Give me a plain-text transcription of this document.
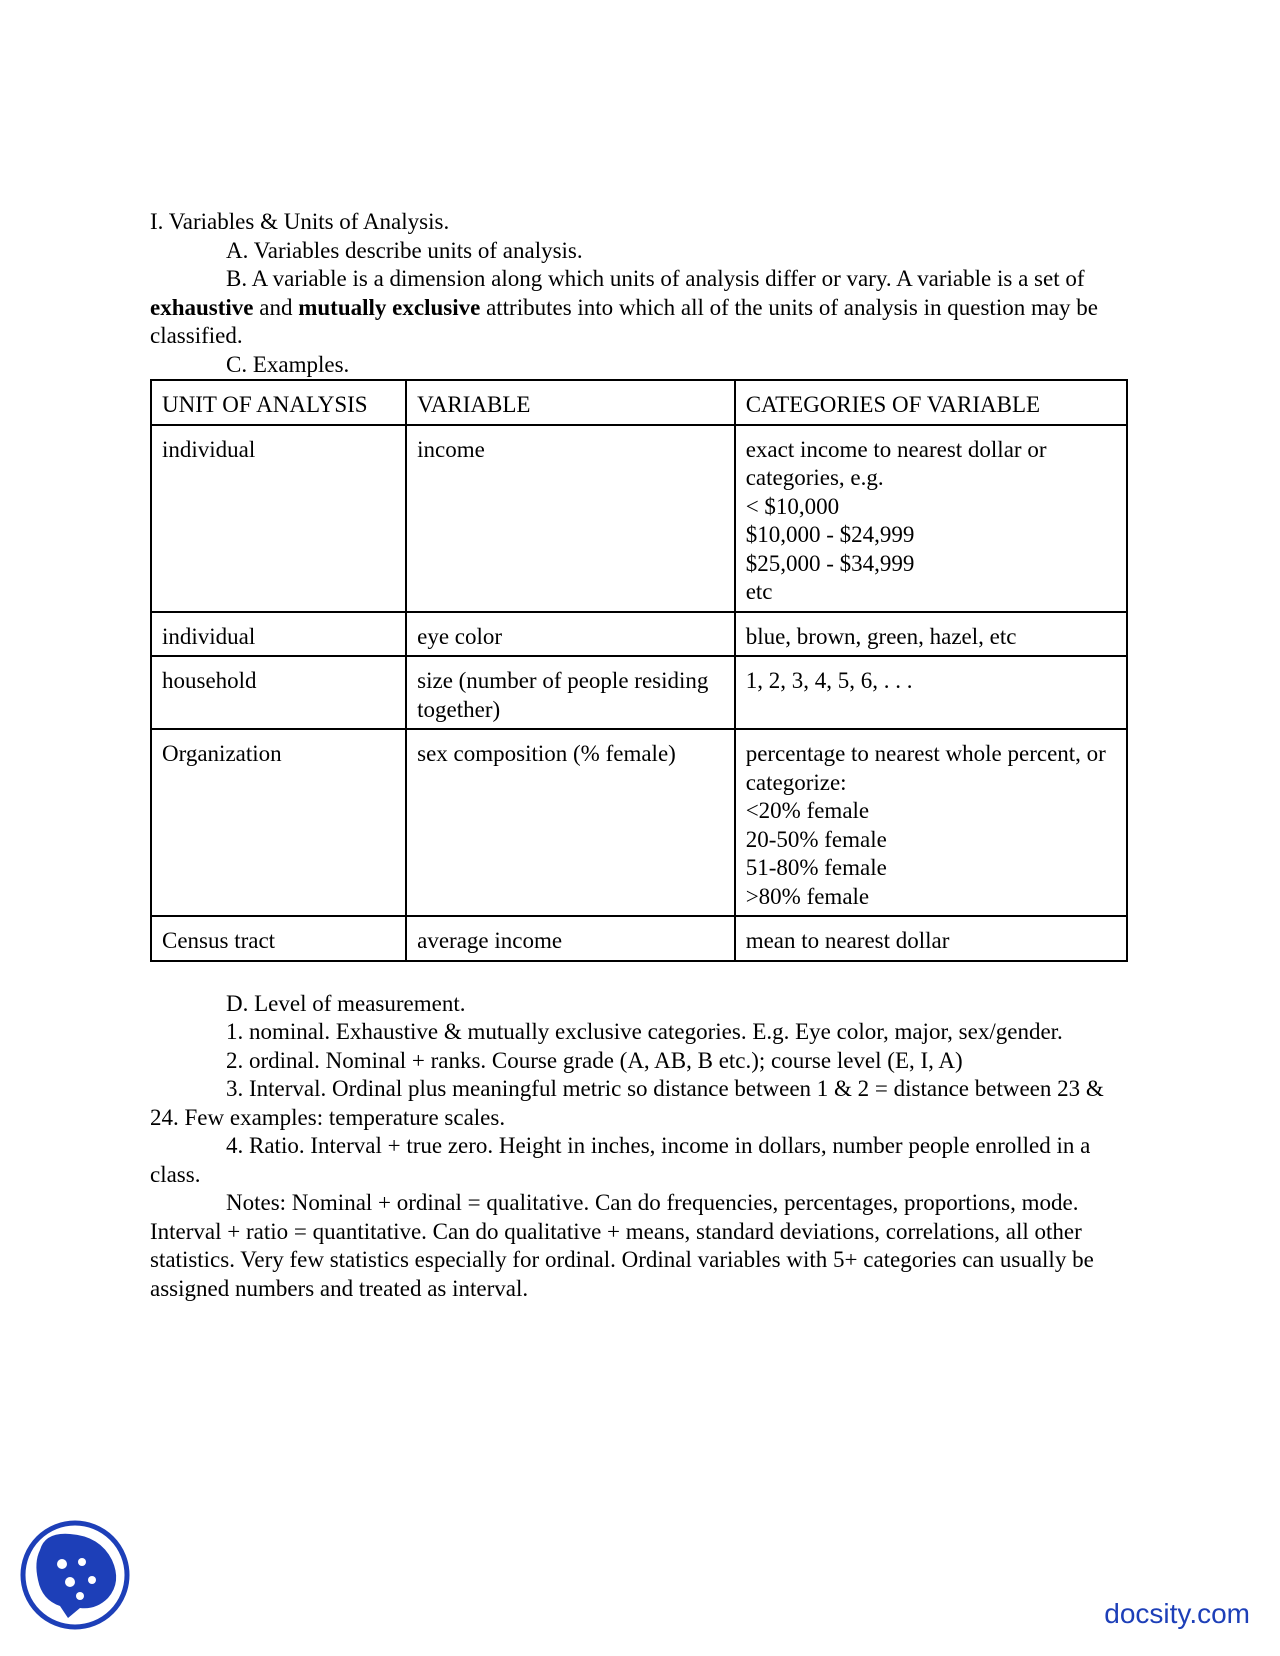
I. Variables & Units of Analysis.
A. Variables describe units of analysis.

B. A variable is a dimension along which units of analysis differ or vary. A variable is a set of exhaustive and mutually exclusive attributes into which all of the units of analysis in question may be classified.

C. Examples.
UNIT OF ANALYSIS	VARIABLE	CATEGORIES OF VARIABLE
individual	income	exact income to nearest dollar or categories, e.g.
< $10,000
$10,000 - $24,999
$25,000 - $34,999
etc

individual	eye color	blue, brown, green, hazel, etc

household	size (number of people residing together)	1, 2, 3, 4, 5, 6, . . .

Organization	sex composition (% female)	percentage to nearest whole percent, or categorize:
<20% female
20-50% female
51-80% female
>80% female

Census tract	average income	mean to nearest dollar
D. Level of measurement.

1. nominal. Exhaustive & mutually exclusive categories. E.g. Eye color, major, sex/gender.

2. ordinal. Nominal + ranks. Course grade (A, AB, B etc.); course level (E, I, A)

3. Interval. Ordinal plus meaningful metric so distance between 1 & 2 = distance between 23 & 24. Few examples: temperature scales.

4. Ratio. Interval + true zero. Height in inches, income in dollars, number people enrolled in a class.

Notes: Nominal + ordinal = qualitative. Can do frequencies, percentages, proportions, mode. Interval + ratio = quantitative. Can do qualitative + means, standard deviations, correlations, all other statistics. Very few statistics especially for ordinal. Ordinal variables with 5+ categories can usually be assigned numbers and treated as interval.

docsity.com
